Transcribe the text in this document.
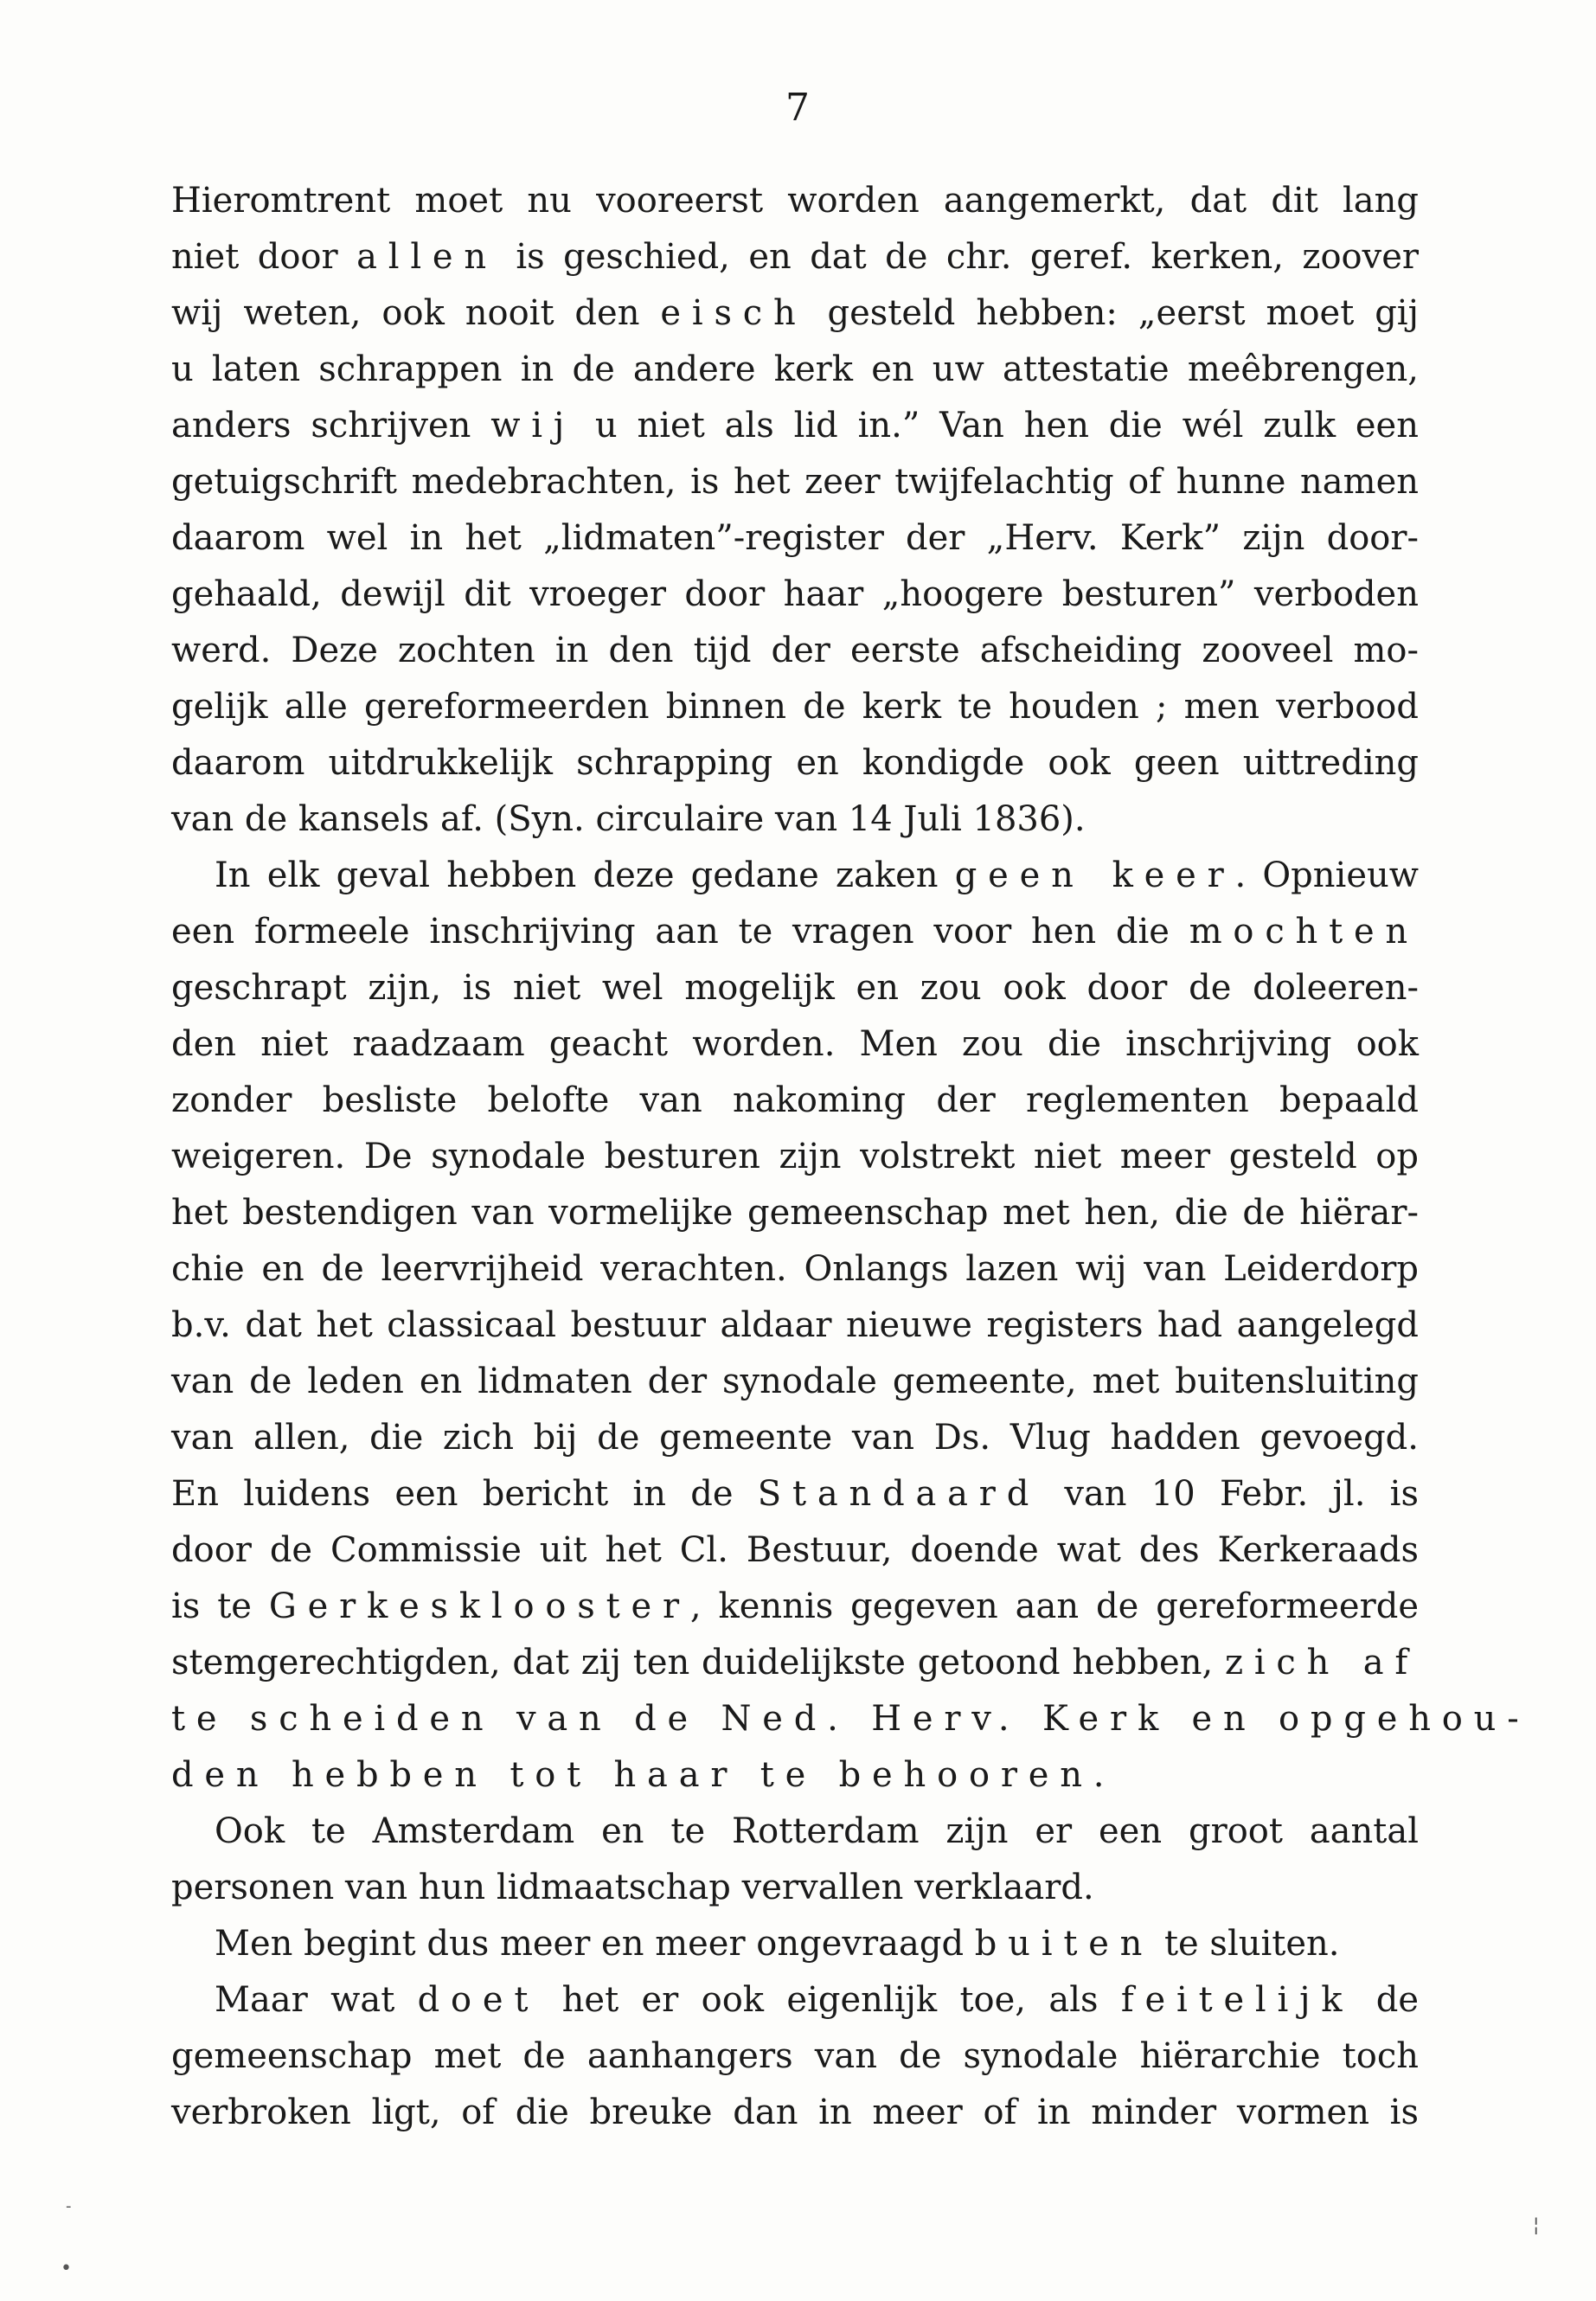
7
Hieromtrent moet nu vooreerst worden aangemerkt, dat dit lang
niet door allen is geschied, en dat de chr. geref. kerken, zoover
wij weten, ook nooit den eisch gesteld hebben: „eerst moet gij
u laten schrappen in de andere kerk en uw attestatie meêbrengen,
anders schrijven wij u niet als lid in.” Van hen die wél zulk een
getuigschrift medebrachten, is het zeer twijfelachtig of hunne namen
daarom wel in het „lidmaten”-register der „Herv. Kerk” zijn door-
gehaald, dewijl dit vroeger door haar „hoogere besturen” verboden
werd. Deze zochten in den tijd der eerste afscheiding zooveel mo-
gelijk alle gereformeerden binnen de kerk te houden ; men verbood
daarom uitdrukkelijk schrapping en kondigde ook geen uittreding
van de kansels af. (Syn. circulaire van 14 Juli 1836).
In elk geval hebben deze gedane zaken geen keer. Opnieuw
een formeele inschrijving aan te vragen voor hen die mochten
geschrapt zijn, is niet wel mogelijk en zou ook door de doleeren-
den niet raadzaam geacht worden. Men zou die inschrijving ook
zonder besliste belofte van nakoming der reglementen bepaald
weigeren. De synodale besturen zijn volstrekt niet meer gesteld op
het bestendigen van vormelijke gemeenschap met hen, die de hiërar-
chie en de leervrijheid verachten. Onlangs lazen wij van Leiderdorp
b.v. dat het classicaal bestuur aldaar nieuwe registers had aangelegd
van de leden en lidmaten der synodale gemeente, met buitensluiting
van allen, die zich bij de gemeente van Ds. Vlug hadden gevoegd.
En luidens een bericht in de Standaard van 10 Febr. jl. is
door de Commissie uit het Cl. Bestuur, doende wat des Kerkeraads
is te Gerkesklooster, kennis gegeven aan de gereformeerde
stemgerechtigden, dat zij ten duidelijkste getoond hebben, zich af
te scheiden van de Ned. Herv. Kerk en opgehou-
den hebben tot haar te behooren.
Ook te Amsterdam en te Rotterdam zijn er een groot aantal
personen van hun lidmaatschap vervallen verklaard.
Men begint dus meer en meer ongevraagd buiten te sluiten.
Maar wat doet het er ook eigenlijk toe, als feitelijk de
gemeenschap met de aanhangers van de synodale hiërarchie toch
verbroken ligt, of die breuke dan in meer of in minder vormen is
-
•
¦
